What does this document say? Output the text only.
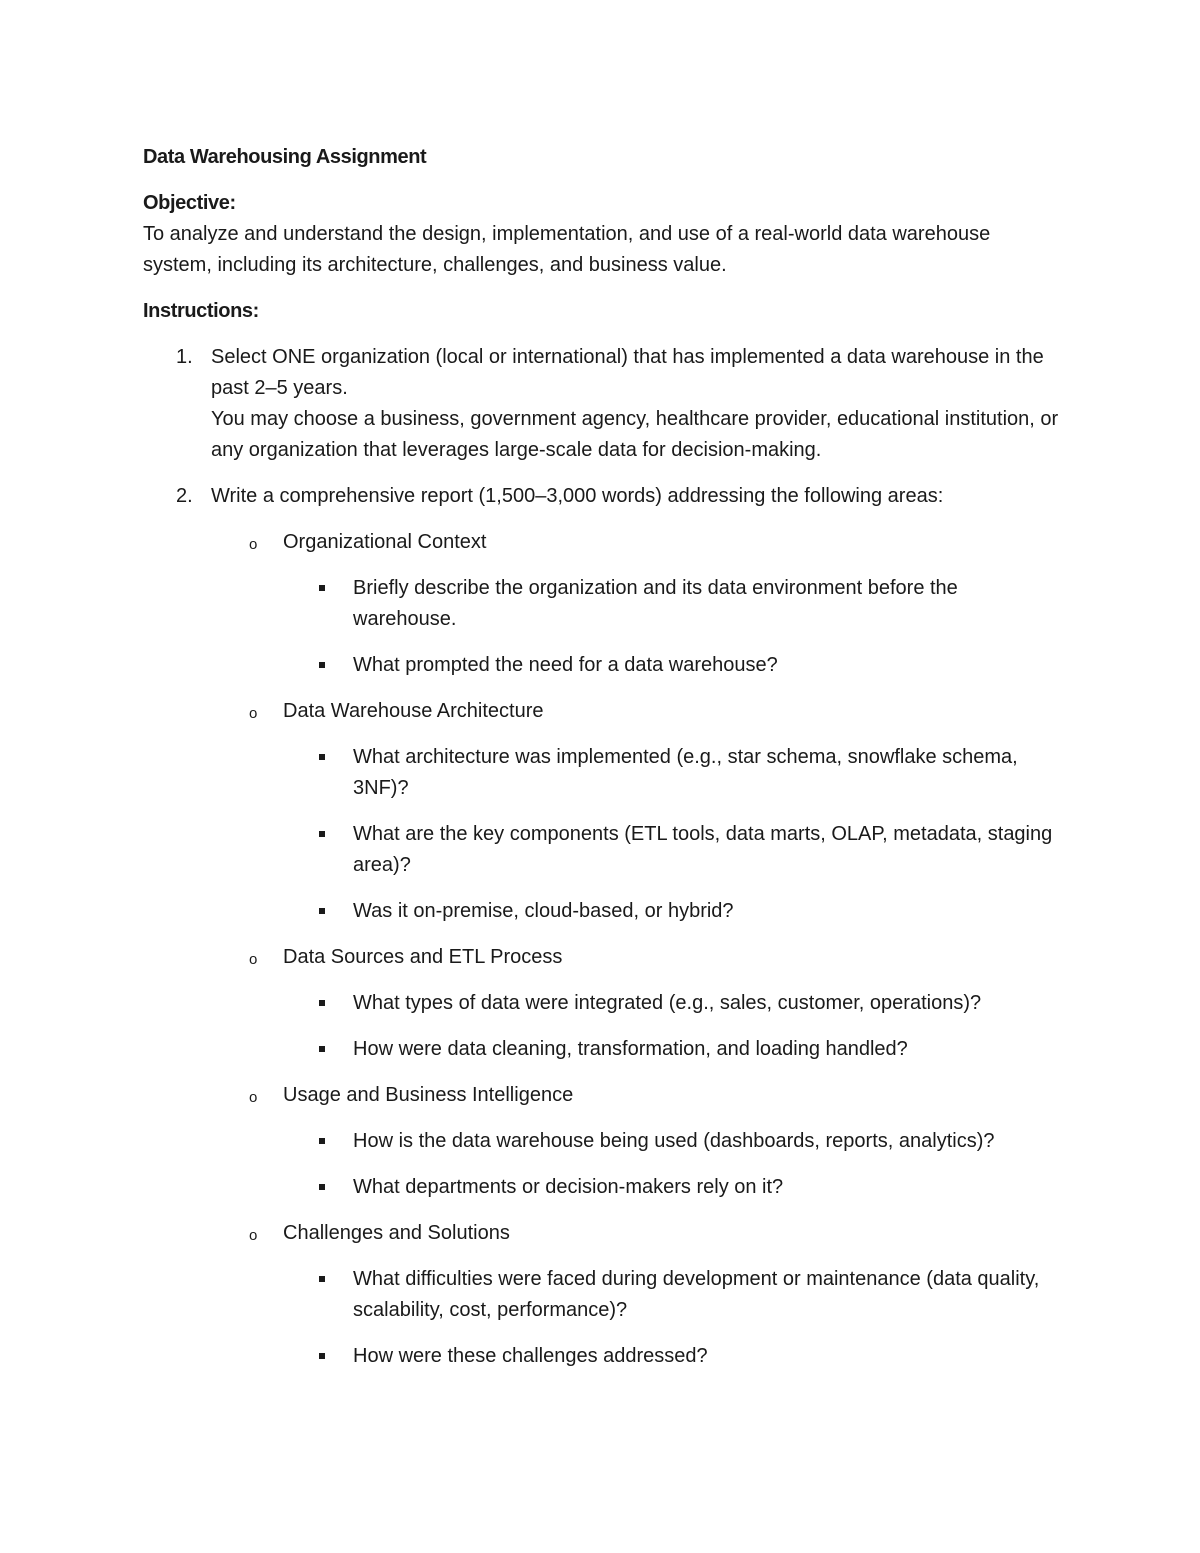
Data Warehousing Assignment

Objective:

To analyze and understand the design, implementation, and use of a real-world data warehouse system, including its architecture, challenges, and business value.

Instructions:

1. Select ONE organization (local or international) that has implemented a data warehouse in the past 2–5 years.
You may choose a business, government agency, healthcare provider, educational institution, or any organization that leverages large-scale data for decision-making.
2. Write a comprehensive report (1,500–3,000 words) addressing the following areas:
o Organizational Context
Briefly describe the organization and its data environment before the warehouse.
What prompted the need for a data warehouse?
o Data Warehouse Architecture
What architecture was implemented (e.g., star schema, snowflake schema, 3NF)?
What are the key components (ETL tools, data marts, OLAP, metadata, staging area)?
Was it on-premise, cloud-based, or hybrid?
o Data Sources and ETL Process
What types of data were integrated (e.g., sales, customer, operations)?
How were data cleaning, transformation, and loading handled?
o Usage and Business Intelligence
How is the data warehouse being used (dashboards, reports, analytics)?
What departments or decision-makers rely on it?
o Challenges and Solutions
What difficulties were faced during development or maintenance (data quality, scalability, cost, performance)?
How were these challenges addressed?
